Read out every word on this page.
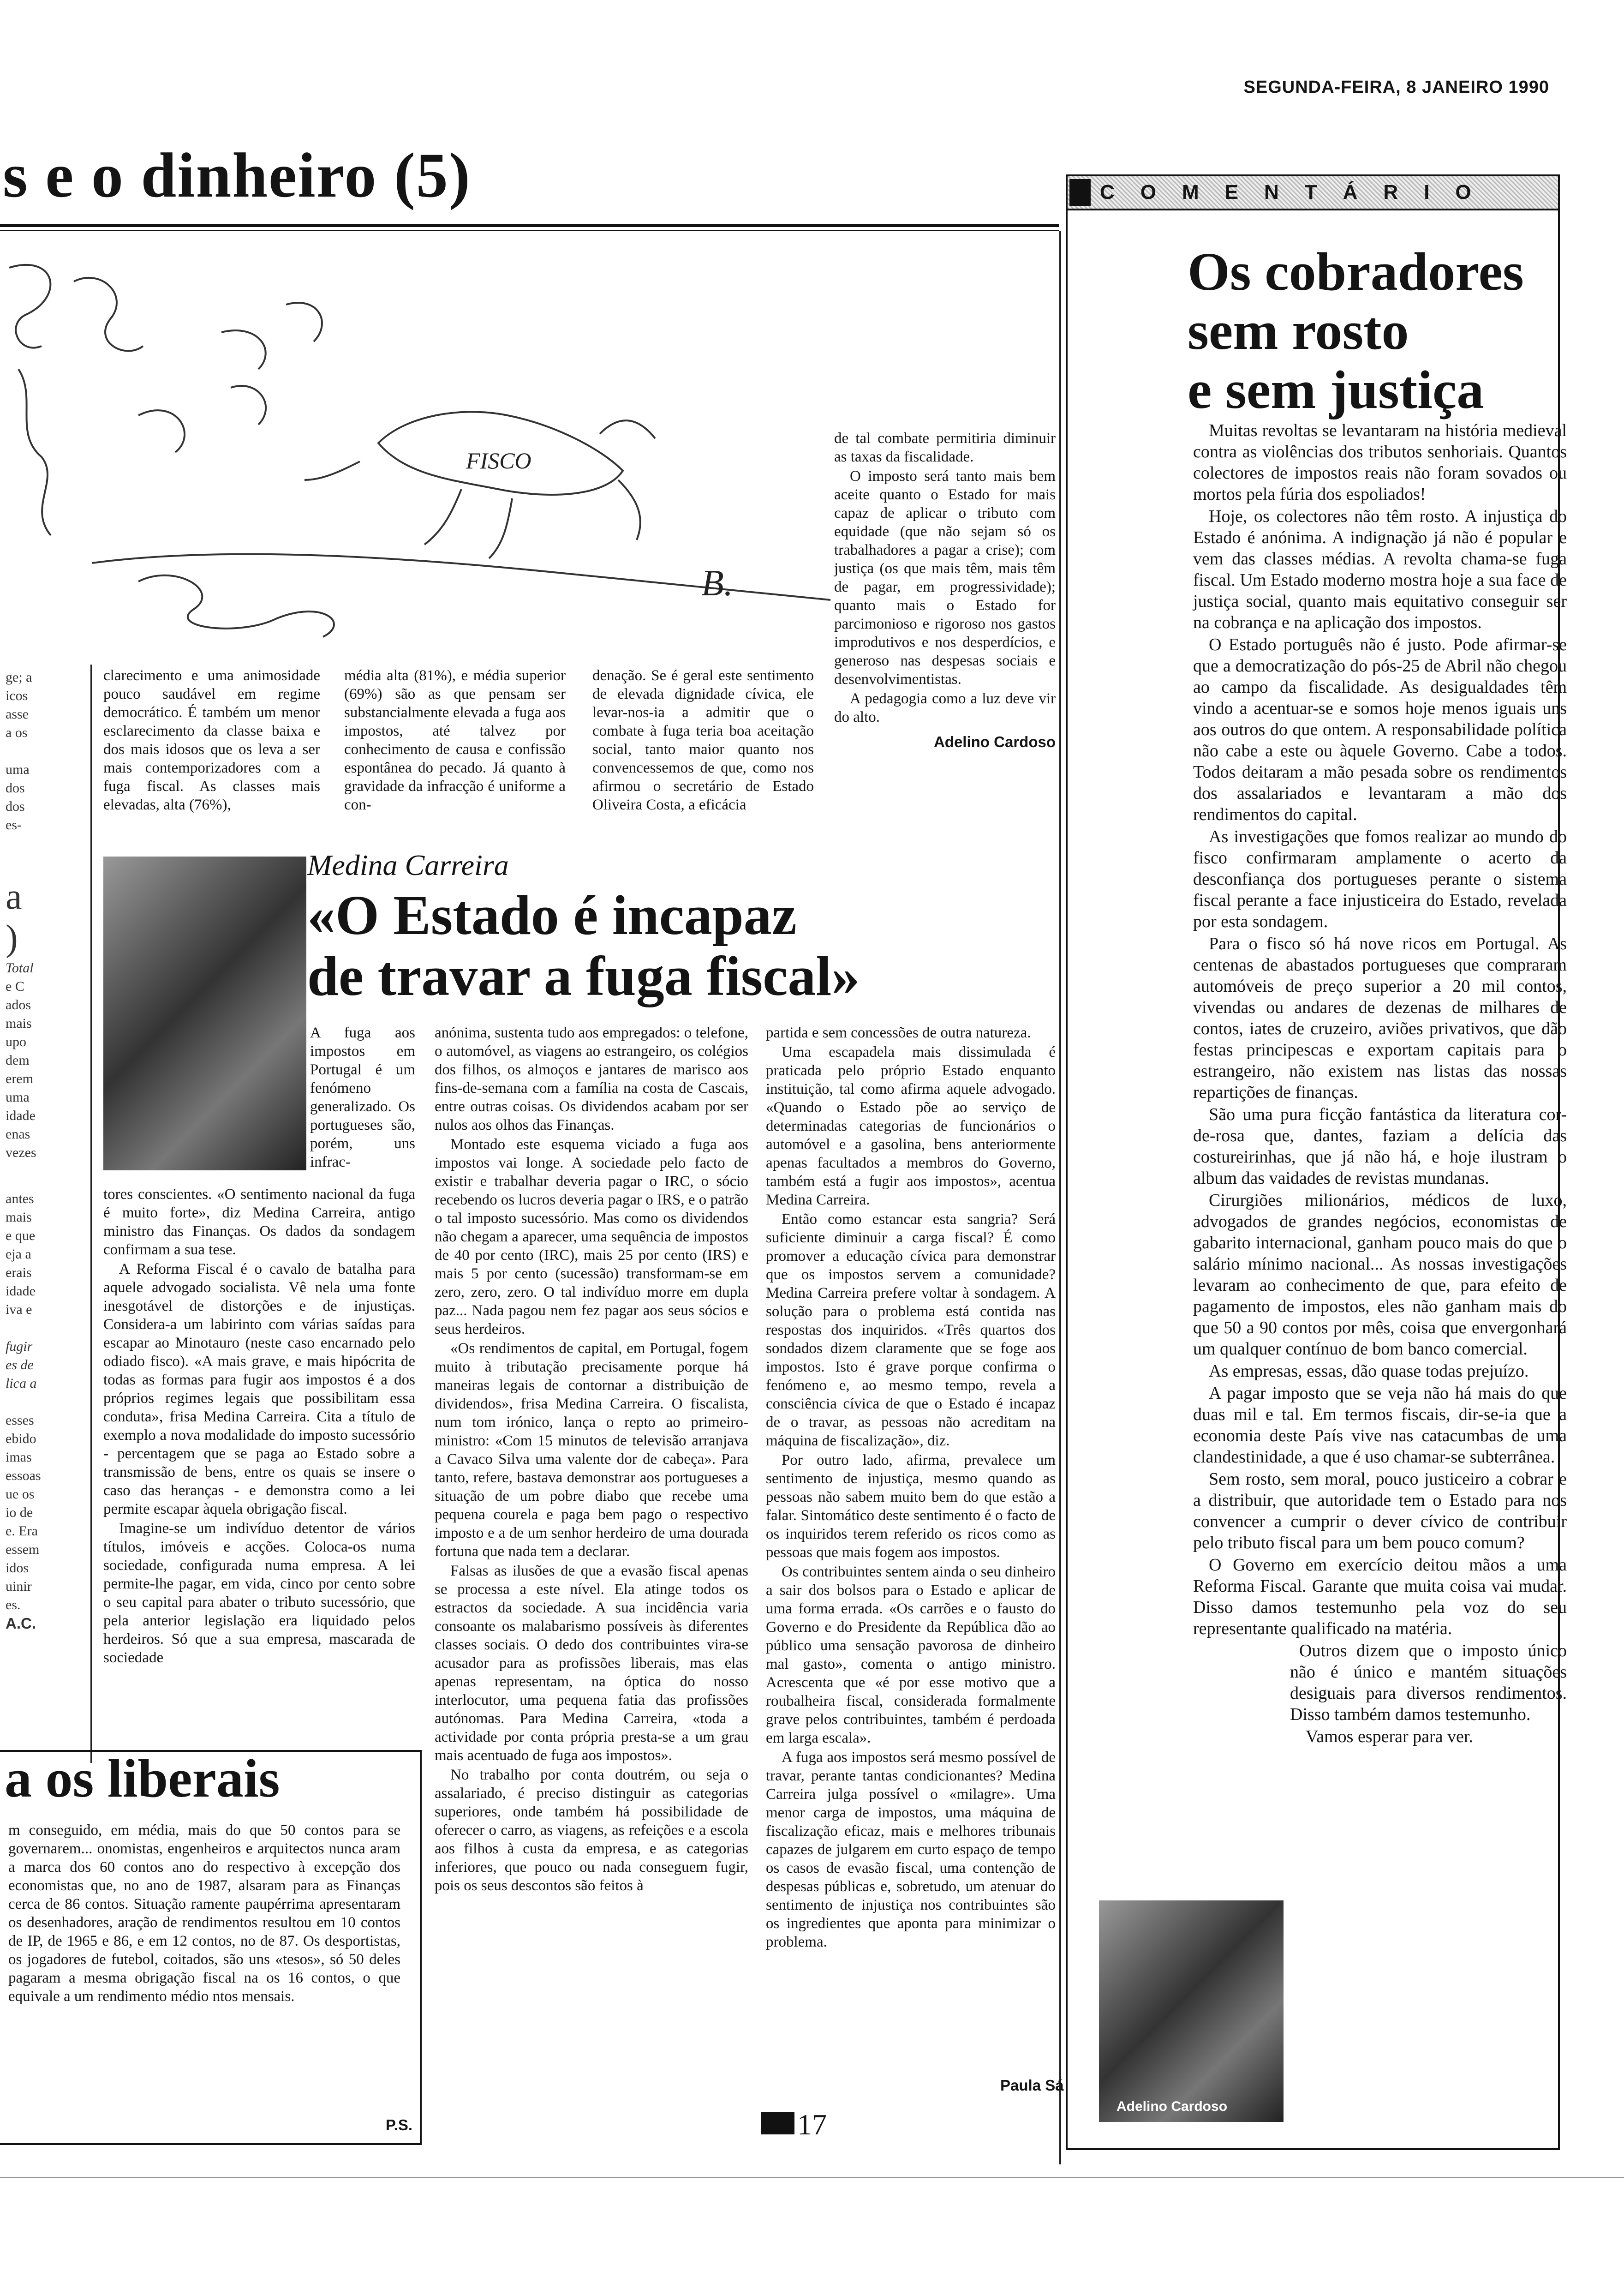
SEGUNDA-FEIRA, 8 JANEIRO 1990
s e o dinheiro (5)
FISCO
B.
ge; a
icos
asse
a os
uma
dos
dos
es-
a
)
Total
e C
ados
mais
upo
dem
erem
uma
idade
enas
vezes
antes
mais
e que
eja a
erais
idade
iva e
fugir
es de
lica a
esses
ebido
imas
essoas
ue os
io de
e. Era
essem
idos
uinir
es.
A.C.

clarecimento e uma animosidade pouco saudável em regime democrático. É também um menor esclarecimento da classe baixa e dos mais idosos que os leva a ser mais contemporizadores com a fuga fiscal. As classes mais elevadas, alta (76%),

média alta (81%), e média superior (69%) são as que pensam ser substancialmente elevada a fuga aos impostos, até talvez por conhecimento de causa e confissão espontânea do pecado. Já quanto à gravidade da infracção é uniforme a con-

denação. Se é geral este sentimento de elevada dignidade cívica, ele levar-nos-ia a admitir que o combate à fuga teria boa aceitação social, tanto maior quanto nos convencessemos de que, como nos afirmou o secretário de Estado Oliveira Costa, a eficácia

de tal combate permitiria diminuir as taxas da fiscalidade.

O imposto será tanto mais bem aceite quanto o Estado for mais capaz de aplicar o tributo com equidade (que não sejam só os trabalhadores a pagar a crise); com justiça (os que mais têm, mais têm de pagar, em progressividade); quanto mais o Estado for parcimonioso e rigoroso nos gastos improdutivos e nos desperdícios, e generoso nas despesas sociais e desenvolvimentistas.

A pedagogia como a luz deve vir do alto.

Adelino Cardoso
Medina Carreira
«O Estado é incapaz
de travar a fuga fiscal»

A fuga aos impostos em Portugal é um fenómeno generalizado. Os portugueses são, porém, uns infrac-

tores conscientes. «O sentimento nacional da fuga é muito forte», diz Medina Carreira, antigo ministro das Finanças. Os dados da sondagem confirmam a sua tese.

A Reforma Fiscal é o cavalo de batalha para aquele advogado socialista. Vê nela uma fonte inesgotável de distorções e de injustiças. Considera-a um labirinto com várias saídas para escapar ao Minotauro (neste caso encarnado pelo odiado fisco). «A mais grave, e mais hipócrita de todas as formas para fugir aos impostos é a dos próprios regimes legais que possibilitam essa conduta», frisa Medina Carreira. Cita a título de exemplo a nova modalidade do imposto sucessório - percentagem que se paga ao Estado sobre a transmissão de bens, entre os quais se insere o caso das heranças - e demonstra como a lei permite escapar àquela obrigação fiscal.

Imagine-se um indivíduo detentor de vários títulos, imóveis e acções. Coloca-os numa sociedade, configurada numa empresa. A lei permite-lhe pagar, em vida, cinco por cento sobre o seu capital para abater o tributo sucessório, que pela anterior legislação era liquidado pelos herdeiros. Só que a sua empresa, mascarada de sociedade

anónima, sustenta tudo aos empregados: o telefone, o automóvel, as viagens ao estrangeiro, os colégios dos filhos, os almoços e jantares de marisco aos fins-de-semana com a família na costa de Cascais, entre outras coisas. Os dividendos acabam por ser nulos aos olhos das Finanças.

Montado este esquema viciado a fuga aos impostos vai longe. A sociedade pelo facto de existir e trabalhar deveria pagar o IRC, o sócio recebendo os lucros deveria pagar o IRS, e o patrão o tal imposto sucessório. Mas como os dividendos não chegam a aparecer, uma sequência de impostos de 40 por cento (IRC), mais 25 por cento (IRS) e mais 5 por cento (sucessão) transformam-se em zero, zero, zero. O tal indivíduo morre em dupla paz... Nada pagou nem fez pagar aos seus sócios e seus herdeiros.

«Os rendimentos de capital, em Portugal, fogem muito à tributação precisamente porque há maneiras legais de contornar a distribuição de dividendos», frisa Medina Carreira. O fiscalista, num tom irónico, lança o repto ao primeiro-ministro: «Com 15 minutos de televisão arranjava a Cavaco Silva uma valente dor de cabeça». Para tanto, refere, bastava demonstrar aos portugueses a situação de um pobre diabo que recebe uma pequena courela e paga bem pago o respectivo imposto e a de um senhor herdeiro de uma dourada fortuna que nada tem a declarar.

Falsas as ilusões de que a evasão fiscal apenas se processa a este nível. Ela atinge todos os estractos da sociedade. A sua incidência varia consoante os malabarismo possíveis às diferentes classes sociais. O dedo dos contribuintes vira-se acusador para as profissões liberais, mas elas apenas representam, na óptica do nosso interlocutor, uma pequena fatia das profissões autónomas. Para Medina Carreira, «toda a actividade por conta própria presta-se a um grau mais acentuado de fuga aos impostos».

No trabalho por conta doutrém, ou seja o assalariado, é preciso distinguir as categorias superiores, onde também há possibilidade de oferecer o carro, as viagens, as refeições e a escola aos filhos à custa da empresa, e as categorias inferiores, que pouco ou nada conseguem fugir, pois os seus descontos são feitos à

partida e sem concessões de outra natureza.

Uma escapadela mais dissimulada é praticada pelo próprio Estado enquanto instituição, tal como afirma aquele advogado. «Quando o Estado põe ao serviço de determinadas categorias de funcionários o automóvel e a gasolina, bens anteriormente apenas facultados a membros do Governo, também está a fugir aos impostos», acentua Medina Carreira.

Então como estancar esta sangria? Será suficiente diminuir a carga fiscal? É como promover a educação cívica para demonstrar que os impostos servem a comunidade? Medina Carreira prefere voltar à sondagem. A solução para o problema está contida nas respostas dos inquiridos. «Três quartos dos sondados dizem claramente que se foge aos impostos. Isto é grave porque confirma o fenómeno e, ao mesmo tempo, revela a consciência cívica de que o Estado é incapaz de o travar, as pessoas não acreditam na máquina de fiscalização», diz.

Por outro lado, afirma, prevalece um sentimento de injustiça, mesmo quando as pessoas não sabem muito bem do que estão a falar. Sintomático deste sentimento é o facto de os inquiridos terem referido os ricos como as pessoas que mais fogem aos impostos.

Os contribuintes sentem ainda o seu dinheiro a sair dos bolsos para o Estado e aplicar de uma forma errada. «Os carrões e o fausto do Governo e do Presidente da República dão ao público uma sensação pavorosa de dinheiro mal gasto», comenta o antigo ministro. Acrescenta que «é por esse motivo que a roubalheira fiscal, considerada formalmente grave pelos contribuintes, também é perdoada em larga escala».

A fuga aos impostos será mesmo possível de travar, perante tantas condicionantes? Medina Carreira julga possível o «milagre». Uma menor carga de impostos, uma máquina de fiscalização eficaz, mais e melhores tribunais capazes de julgarem em curto espaço de tempo os casos de evasão fiscal, uma contenção de despesas públicas e, sobretudo, um atenuar do sentimento de injustiça nos contribuintes são os ingredientes que aponta para minimizar o problema.

Paula Sá
a os liberais
m conseguido, em média, mais do que 50 contos para se governarem... onomistas, engenheiros e arquitectos nunca aram a marca dos 60 contos ano do respectivo à excepção dos economistas que, no ano de 1987, alsaram para as Finanças cerca de 86 contos. Situação ramente paupérrima apresentaram os desenhadores, aração de rendimentos resultou em 10 contos de IP, de 1965 e 86, e em 12 contos, no de 87. Os desportistas, os jogadores de futebol, coitados, são uns «tesos», só 50 deles pagaram a mesma obrigação fiscal na os 16 contos, o que equivale a um rendimento médio ntos mensais.
P.S.
COMENTÁRIO
Os cobradores
sem rosto
e sem justiça

Muitas revoltas se levantaram na história medieval contra as violências dos tributos senhoriais. Quantos colectores de impostos reais não foram sovados ou mortos pela fúria dos espoliados!

Hoje, os colectores não têm rosto. A injustiça do Estado é anónima. A indignação já não é popular e vem das classes médias. A revolta chama-se fuga fiscal. Um Estado moderno mostra hoje a sua face de justiça social, quanto mais equitativo conseguir ser na cobrança e na aplicação dos impostos.

O Estado português não é justo. Pode afirmar-se que a democratização do pós-25 de Abril não chegou ao campo da fiscalidade. As desigualdades têm vindo a acentuar-se e somos hoje menos iguais uns aos outros do que ontem. A responsabilidade política não cabe a este ou àquele Governo. Cabe a todos. Todos deitaram a mão pesada sobre os rendimentos dos assalariados e levantaram a mão dos rendimentos do capital.

As investigações que fomos realizar ao mundo do fisco confirmaram amplamente o acerto da desconfiança dos portugueses perante o sistema fiscal perante a face injusticeira do Estado, revelada por esta sondagem.

Para o fisco só há nove ricos em Portugal. As centenas de abastados portugueses que compraram automóveis de preço superior a 20 mil contos, vivendas ou andares de dezenas de milhares de contos, iates de cruzeiro, aviões privativos, que dão festas principescas e exportam capitais para o estrangeiro, não existem nas listas das nossas repartições de finanças.

São uma pura ficção fantástica da literatura cor-de-rosa que, dantes, faziam a delícia das costureirinhas, que já não há, e hoje ilustram o album das vaidades de revistas mundanas.

Cirurgiões milionários, médicos de luxo, advogados de grandes negócios, economistas de gabarito internacional, ganham pouco mais do que o salário mínimo nacional... As nossas investigações levaram ao conhecimento de que, para efeito de pagamento de impostos, eles não ganham mais do que 50 a 90 contos por mês, coisa que envergonhará um qualquer contínuo de bom banco comercial.

As empresas, essas, dão quase todas prejuízo.

A pagar imposto que se veja não há mais do que duas mil e tal. Em termos fiscais, dir-se-ia que a economia deste País vive nas catacumbas de uma clandestinidade, a que é uso chamar-se subterrânea.

Sem rosto, sem moral, pouco justiceiro a cobrar e a distribuir, que autoridade tem o Estado para nos convencer a cumprir o dever cívico de contribuir pelo tributo fiscal para um bem pouco comum?

O Governo em exercício deitou mãos a uma Reforma Fiscal. Garante que muita coisa vai mudar. Disso damos testemunho pela voz do seu representante qualificado na matéria.

Outros dizem que o imposto único não é único e mantém situações desiguais para diversos rendimentos. Disso também damos testemunho.

Vamos esperar para ver.

Adelino Cardoso
17
